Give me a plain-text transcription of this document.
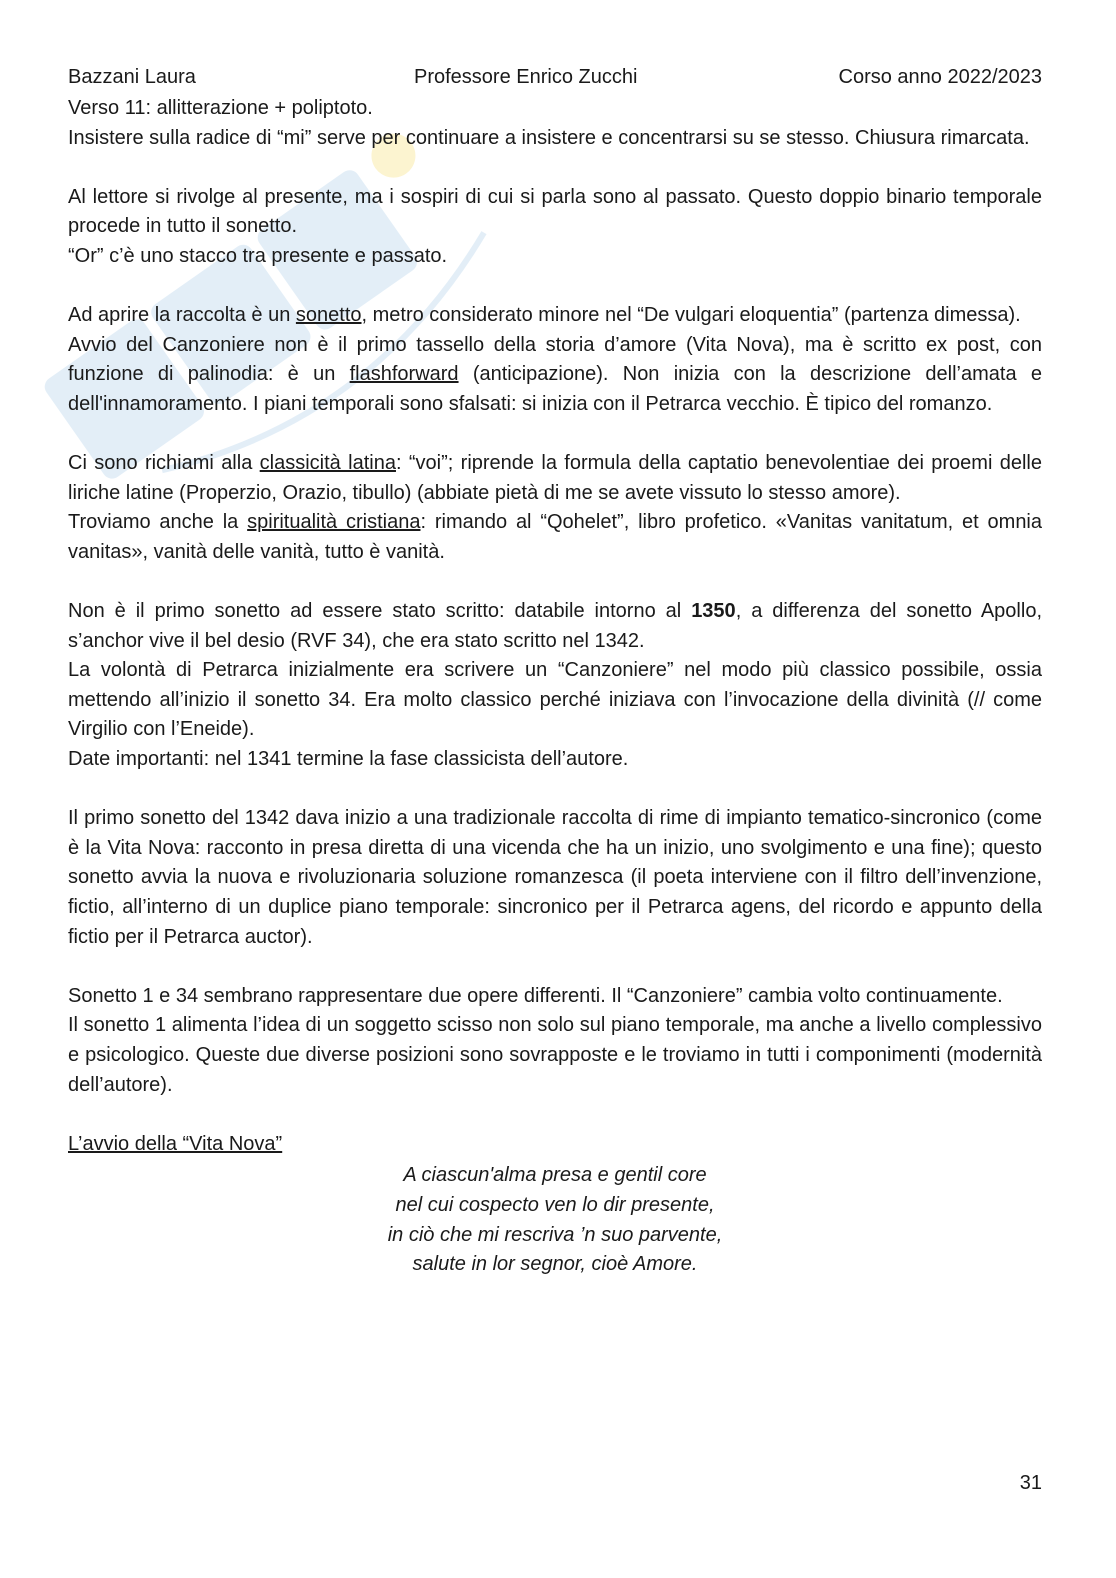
Bazzani Laura	Professore Enrico Zucchi	Corso anno 2022/2023

Verso 11: allitterazione + poliptoto.
Insistere sulla radice di “mi” serve per continuare a insistere e concentrarsi su se stesso. Chiusura rimarcata.

Al lettore si rivolge al presente, ma i sospiri di cui si parla sono al passato. Questo doppio binario temporale procede in tutto il sonetto.
“Or” c’è uno stacco tra presente e passato.

Ad aprire la raccolta è un sonetto, metro considerato minore nel “De vulgari eloquentia” (partenza dimessa).
Avvio del Canzoniere non è il primo tassello della storia d’amore (Vita Nova), ma è scritto ex post, con funzione di palinodia: è un flashforward (anticipazione). Non inizia con la descrizione dell’amata e dell'innamoramento. I piani temporali sono sfalsati: si inizia con il Petrarca vecchio. È tipico del romanzo.

Ci sono richiami alla classicità latina: “voi”; riprende la formula della captatio benevolentiae dei proemi delle liriche latine (Properzio, Orazio, tibullo) (abbiate pietà di me se avete vissuto lo stesso amore).
Troviamo anche la spiritualità cristiana: rimando al “Qohelet”, libro profetico. «Vanitas vanitatum, et omnia vanitas», vanità delle vanità, tutto è vanità.

Non è il primo sonetto ad essere stato scritto: databile intorno al 1350, a differenza del sonetto Apollo, s’anchor vive il bel desio (RVF 34), che era stato scritto nel 1342.
La volontà di Petrarca inizialmente era scrivere un “Canzoniere” nel modo più classico possibile, ossia mettendo all’inizio il sonetto 34. Era molto classico perché iniziava con l’invocazione della divinità (// come Virgilio con l’Eneide).
Date importanti: nel 1341 termine la fase classicista dell’autore.

Il primo sonetto del 1342 dava inizio a una tradizionale raccolta di rime di impianto tematico-sincronico (come è la Vita Nova: racconto in presa diretta di una vicenda che ha un inizio, uno svolgimento e una fine); questo sonetto avvia la nuova e rivoluzionaria soluzione romanzesca (il poeta interviene con il filtro dell’invenzione, fictio, all’interno di un duplice piano temporale: sincronico per il Petrarca agens, del ricordo e appunto della fictio per il Petrarca auctor).

Sonetto 1 e 34 sembrano rappresentare due opere differenti. Il “Canzoniere” cambia volto continuamente.
Il sonetto 1 alimenta l’idea di un soggetto scisso non solo sul piano temporale, ma anche a livello complessivo e psicologico. Queste due diverse posizioni sono sovrapposte e le troviamo in tutti i componimenti (modernità dell’autore).

L’avvio della “Vita Nova”

A ciascun'alma presa e gentil core
nel cui cospecto ven lo dir presente,
in ciò che mi rescriva ’n suo parvente,
salute in lor segnor, cioè Amore.
31
